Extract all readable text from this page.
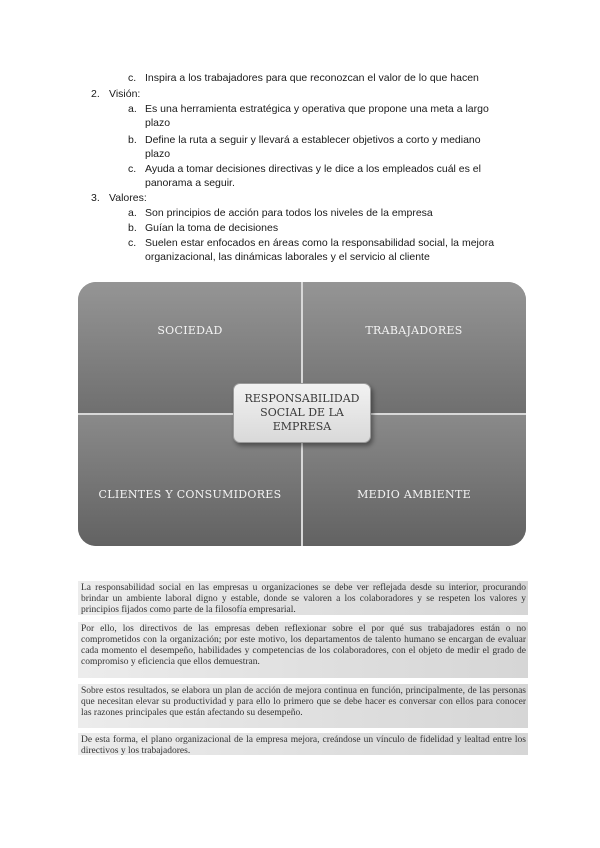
c. Inspira a los trabajadores para que reconozcan el valor de lo que hacen
2. Visión:
a. Es una herramienta estratégica y operativa que propone una meta a largo
plazo
b. Define la ruta a seguir y llevará a establecer objetivos a corto y mediano
plazo
c. Ayuda a tomar decisiones directivas y le dice a los empleados cuál es el
panorama a seguir.
3. Valores:
a. Son principios de acción para todos los niveles de la empresa
b. Guían la toma de decisiones
c. Suelen estar enfocados en áreas como la responsabilidad social, la mejora
organizacional, las dinámicas laborales y el servicio al cliente
SOCIEDAD	TRABAJADORES
CLIENTES Y CONSUMIDORES	MEDIO AMBIENTE
RESPONSABILIDAD
SOCIAL DE LA
EMPRESA
La responsabilidad social en las empresas u organizaciones se debe ver reflejada desde su interior, procurando brindar un ambiente laboral digno y estable, donde se valoren a los colaboradores y se respeten los valores y principios fijados como parte de la filosofía empresarial.
Por ello, los directivos de las empresas deben reflexionar sobre el por qué sus trabajadores están o no comprometidos con la organización; por este motivo, los departamentos de talento humano se encargan de evaluar cada momento el desempeño, habilidades y competencias de los colaboradores, con el objeto de medir el grado de compromiso y eficiencia que ellos demuestran.
Sobre estos resultados, se elabora un plan de acción de mejora continua en función, principalmente, de las personas que necesitan elevar su productividad y para ello lo primero que se debe hacer es conversar con ellos para conocer las razones principales que están afectando su desempeño.
De esta forma, el plano organizacional de la empresa mejora, creándose un vínculo de fidelidad y lealtad entre los directivos y los trabajadores.
